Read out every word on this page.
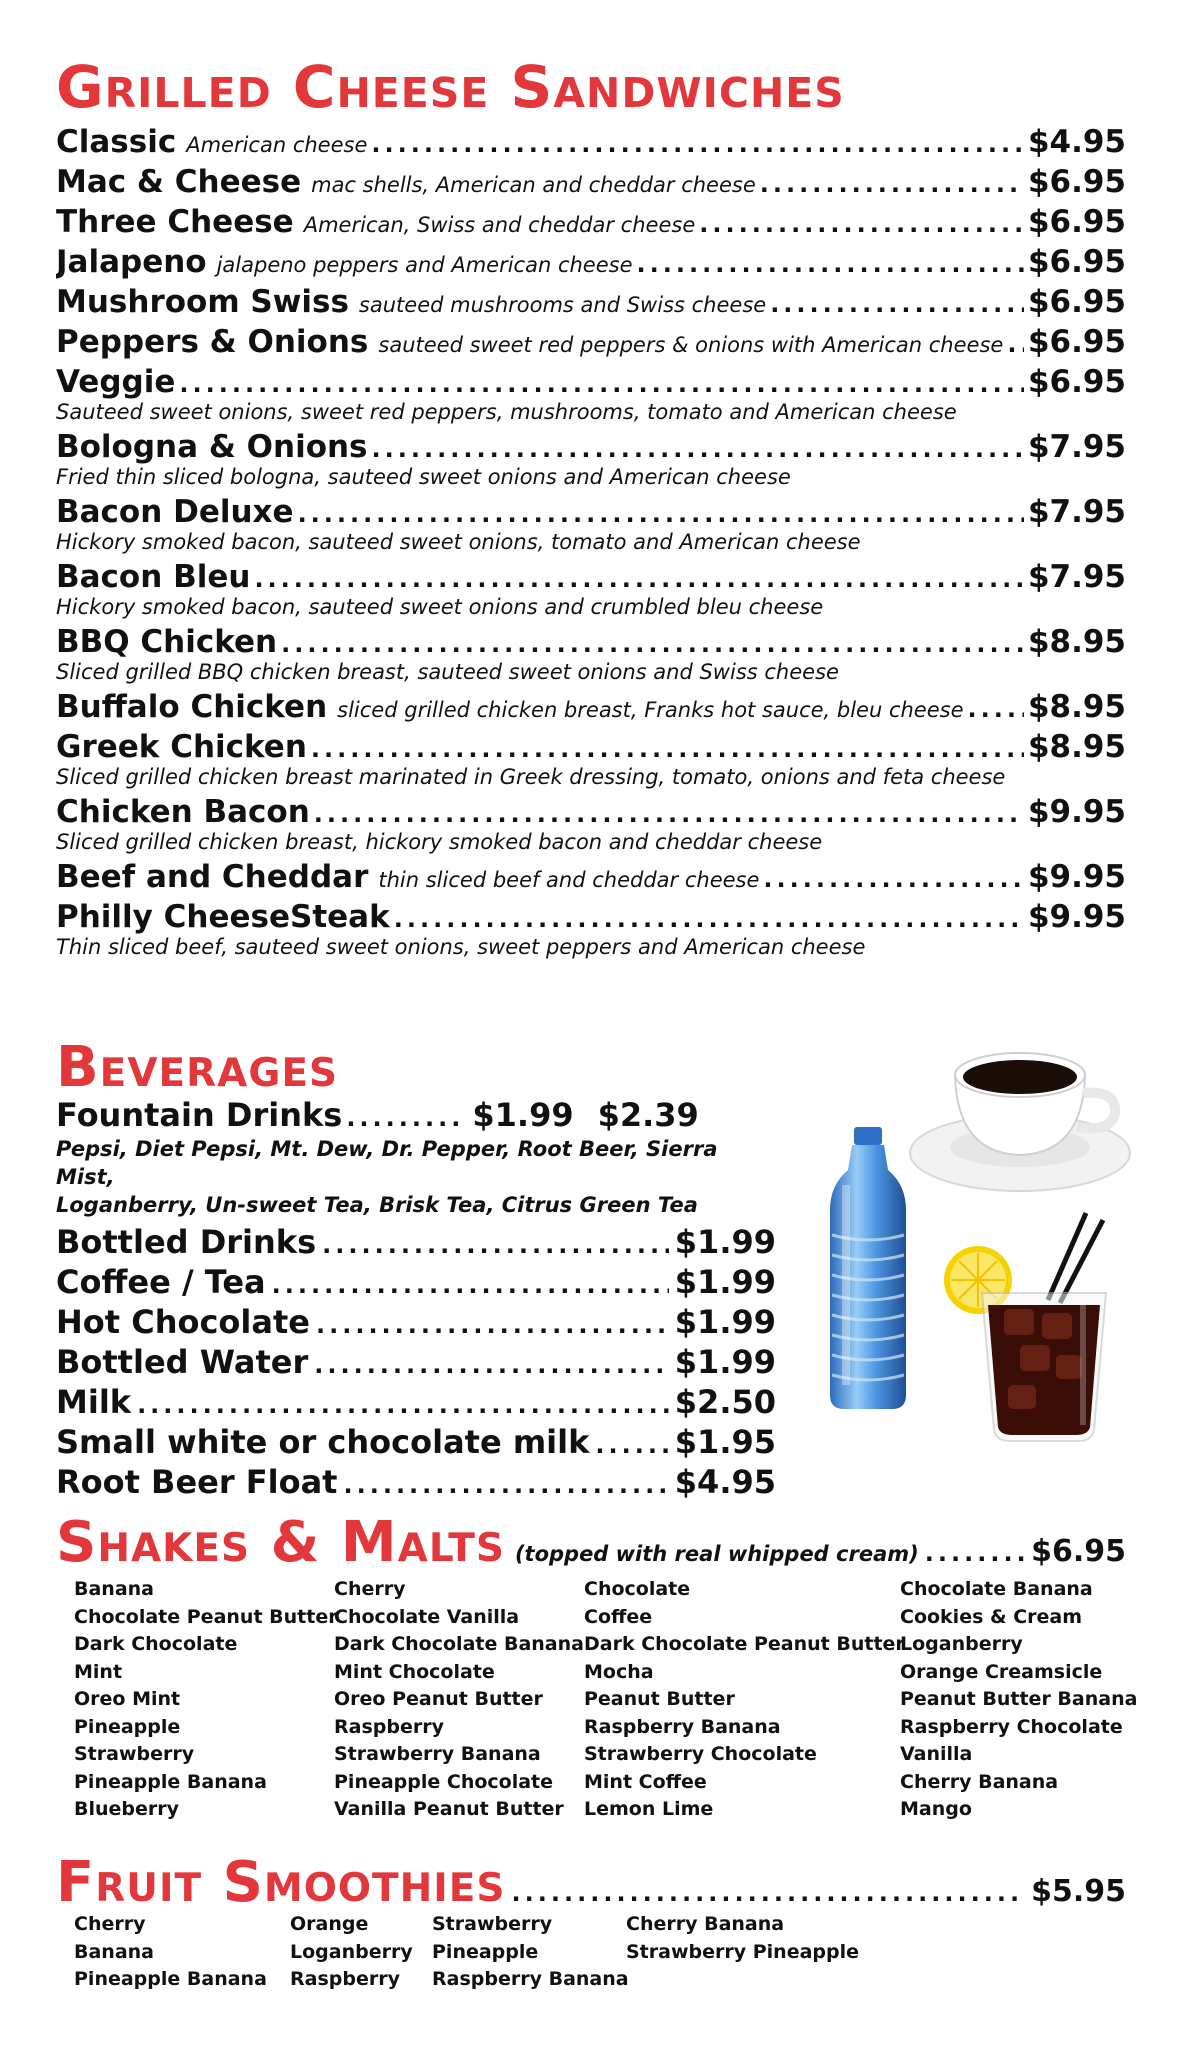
Grilled Cheese Sandwiches
Classic American cheese .....	$4.95
Mac & Cheese mac shells, American and cheddar cheese .....	$6.95
Three Cheese American, Swiss and cheddar cheese .....	$6.95
Jalapeno jalapeno peppers and American cheese .....	$6.95
Mushroom Swiss sauteed mushrooms and Swiss cheese .....	$6.95
Peppers & Onions sauteed sweet red peppers & onions with American cheese ..... $6.95
Veggie .....	$6.95
Sauteed sweet onions, sweet red peppers, mushrooms, tomato and American cheese
Bologna & Onions .....	$7.95
Fried thin sliced bologna, sauteed sweet onions and American cheese
Bacon Deluxe .....	$7.95
Hickory smoked bacon, sauteed sweet onions, tomato and American cheese
Bacon Bleu .....	$7.95
Hickory smoked bacon, sauteed sweet onions and crumbled bleu cheese
BBQ Chicken .....	$8.95
Sliced grilled BBQ chicken breast, sauteed sweet onions and Swiss cheese
Buffalo Chicken sliced grilled chicken breast, Franks hot sauce, bleu cheese ..... $8.95
Greek Chicken .....	$8.95
Sliced grilled chicken breast marinated in Greek dressing, tomato, onions and feta cheese
Chicken Bacon .....	$9.95
Sliced grilled chicken breast, hickory smoked bacon and cheddar cheese
Beef and Cheddar thin sliced beef and cheddar cheese .....	$9.95
Philly CheeseSteak .....	$9.95
Thin sliced beef, sauteed sweet onions, sweet peppers and American cheese
Beverages
Fountain Drinks ......... $1.99 $2.39
Pepsi, Diet Pepsi, Mt. Dew, Dr. Pepper, Root Beer, Sierra Mist,
Loganberry, Un-sweet Tea, Brisk Tea, Citrus Green Tea
Bottled Drinks .....	$1.99
Coffee / Tea .....	$1.99
Hot Chocolate .....	$1.99
Bottled Water .....	$1.99
Milk .....	$2.50
Small white or chocolate milk .....	$1.95
Root Beer Float .....	$4.95
Shakes & Malts (topped with real whipped cream) .....	$6.95
Banana
Chocolate Peanut Butter
Dark Chocolate
Mint
Oreo Mint
Pineapple
Strawberry
Pineapple Banana
Blueberry
Cherry
Chocolate Vanilla
Dark Chocolate Banana
Mint Chocolate
Oreo Peanut Butter
Raspberry
Strawberry Banana
Pineapple Chocolate
Vanilla Peanut Butter
Chocolate
Coffee
Dark Chocolate Peanut Butter
Mocha
Peanut Butter
Raspberry Banana
Strawberry Chocolate
Mint Coffee
Lemon Lime
Chocolate Banana
Cookies & Cream
Loganberry
Orange Creamsicle
Peanut Butter Banana
Raspberry Chocolate
Vanilla
Cherry Banana
Mango
Fruit Smoothies .....	$5.95
Cherry
Banana
Pineapple Banana
Orange
Loganberry
Raspberry
Strawberry
Pineapple
Raspberry Banana
Cherry Banana
Strawberry Pineapple
